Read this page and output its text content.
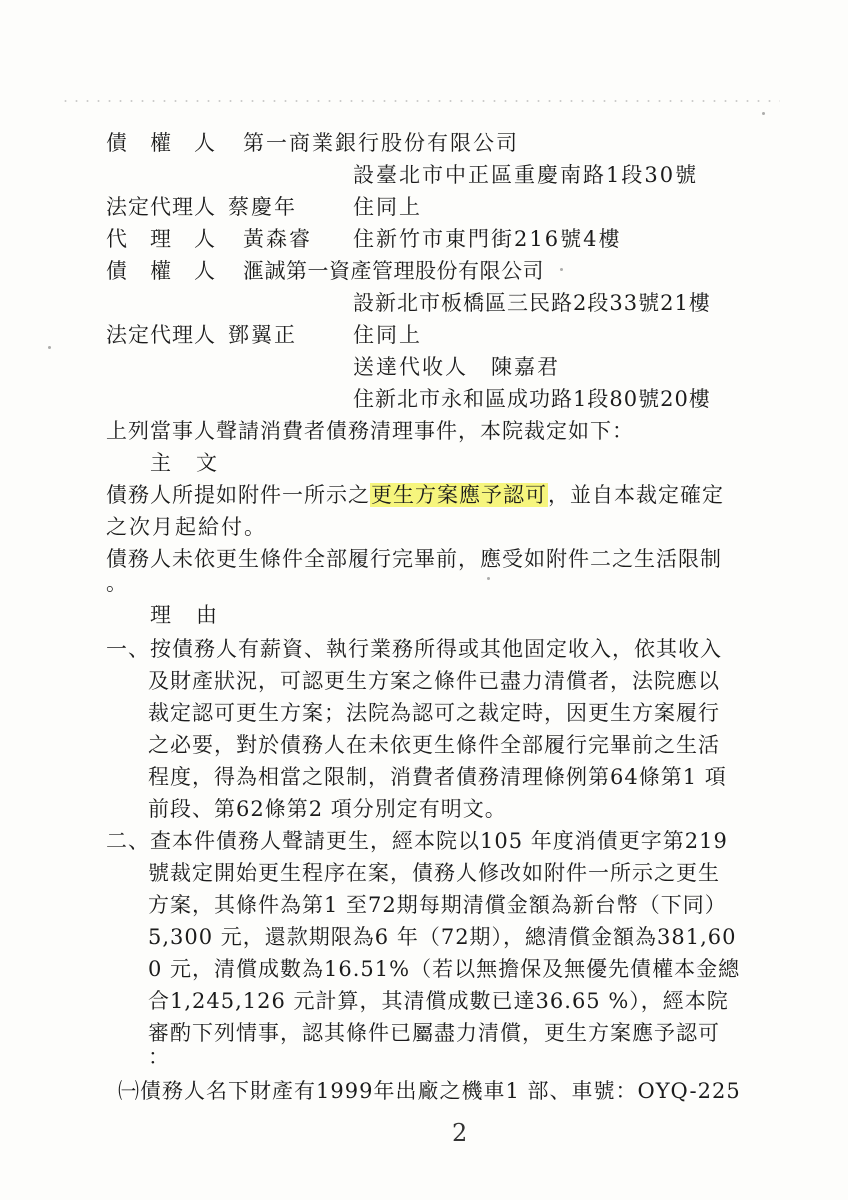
債　權　人 第一商業銀行股份有限公司
設臺北市中正區重慶南路1段30號
法定代理人 蔡慶年	住同上
代　理　人 黃森睿 住新竹市東門街216號4樓
債　權　人 滙誠第一資產管理股份有限公司
設新北市板橋區三民路2段33號21樓
法定代理人 鄧翼正	住同上
送達代收人　陳嘉君
住新北市永和區成功路1段80號20樓
上列當事人聲請消費者債務清理事件，本院裁定如下：
主　文
債務人所提如附件一所示之更生方案應予認可，並自本裁定確定
之次月起給付。
債務人未依更生條件全部履行完畢前，應受如附件二之生活限制
。
理　由
一、按債務人有薪資、執行業務所得或其他固定收入，依其收入
及財產狀況，可認更生方案之條件已盡力清償者，法院應以
裁定認可更生方案；法院為認可之裁定時，因更生方案履行
之必要，對於債務人在未依更生條件全部履行完畢前之生活
程度，得為相當之限制，消費者債務清理條例第64條第1 項
前段、第62條第2 項分別定有明文。
二、查本件債務人聲請更生，經本院以105 年度消債更字第219
號裁定開始更生程序在案，債務人修改如附件一所示之更生
方案，其條件為第1 至72期每期清償金額為新台幣（下同）
5,300 元，還款期限為6 年（72期），總清償金額為381,60
0 元，清償成數為16.51%（若以無擔保及無優先債權本金總
合1,245,126 元計算，其清償成數已達36.65 %），經本院
審酌下列情事，認其條件已屬盡力清償，更生方案應予認可
：
㈠債務人名下財產有1999年出廠之機車1 部、車號：OYQ-225
2
